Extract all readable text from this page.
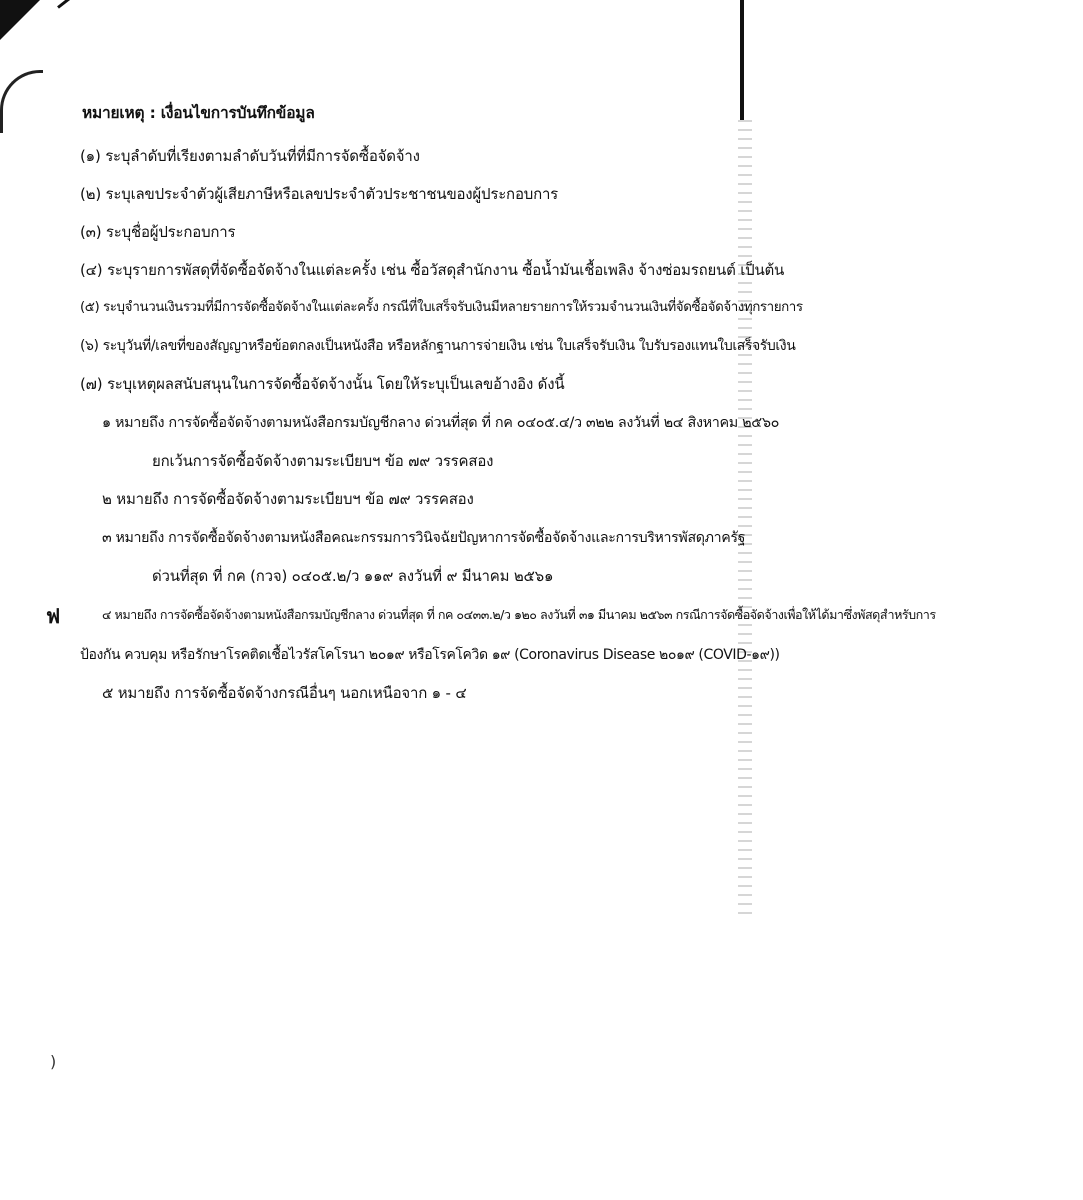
หมายเหตุ : เงื่อนไขการบันทึกข้อมูล
(๑) ระบุลำดับที่เรียงตามลำดับวันที่ที่มีการจัดซื้อจัดจ้าง
(๒) ระบุเลขประจำตัวผู้เสียภาษีหรือเลขประจำตัวประชาชนของผู้ประกอบการ
(๓) ระบุชื่อผู้ประกอบการ
(๔) ระบุรายการพัสดุที่จัดซื้อจัดจ้างในแต่ละครั้ง เช่น ซื้อวัสดุสำนักงาน ซื้อน้ำมันเชื้อเพลิง จ้างซ่อมรถยนต์ เป็นต้น
(๕) ระบุจำนวนเงินรวมที่มีการจัดซื้อจัดจ้างในแต่ละครั้ง กรณีที่ใบเสร็จรับเงินมีหลายรายการให้รวมจำนวนเงินที่จัดซื้อจัดจ้างทุกรายการ
(๖) ระบุวันที่/เลขที่ของสัญญาหรือข้อตกลงเป็นหนังสือ หรือหลักฐานการจ่ายเงิน เช่น ใบเสร็จรับเงิน ใบรับรองแทนใบเสร็จรับเงิน
(๗) ระบุเหตุผลสนับสนุนในการจัดซื้อจัดจ้างนั้น โดยให้ระบุเป็นเลขอ้างอิง ดังนี้
๑ หมายถึง การจัดซื้อจัดจ้างตามหนังสือกรมบัญชีกลาง ด่วนที่สุด ที่ กค ๐๔๐๕.๔/ว ๓๒๒ ลงวันที่ ๒๔ สิงหาคม ๒๕๖๐
ยกเว้นการจัดซื้อจัดจ้างตามระเบียบฯ ข้อ ๗๙ วรรคสอง
๒ หมายถึง การจัดซื้อจัดจ้างตามระเบียบฯ ข้อ ๗๙ วรรคสอง
๓ หมายถึง การจัดซื้อจัดจ้างตามหนังสือคณะกรรมการวินิจฉัยปัญหาการจัดซื้อจัดจ้างและการบริหารพัสดุภาครัฐ
ด่วนที่สุด ที่ กค (กวจ) ๐๔๐๕.๒/ว ๑๑๙ ลงวันที่ ๙ มีนาคม ๒๕๖๑
๔ หมายถึง การจัดซื้อจัดจ้างตามหนังสือกรมบัญชีกลาง ด่วนที่สุด ที่ กค ๐๔๓๓.๒/ว ๑๒๐ ลงวันที่ ๓๑ มีนาคม ๒๕๖๓ กรณีการจัดซื้อจัดจ้างเพื่อให้ได้มาซึ่งพัสดุสำหรับการ
ป้องกัน ควบคุม หรือรักษาโรคติดเชื้อไวรัสโคโรนา ๒๐๑๙ หรือโรคโควิด ๑๙ (Coronavirus Disease ๒๐๑๙ (COVID-๑๙))
๕ หมายถึง การจัดซื้อจัดจ้างกรณีอื่นๆ นอกเหนือจาก ๑ - ๔
ฟ
)
